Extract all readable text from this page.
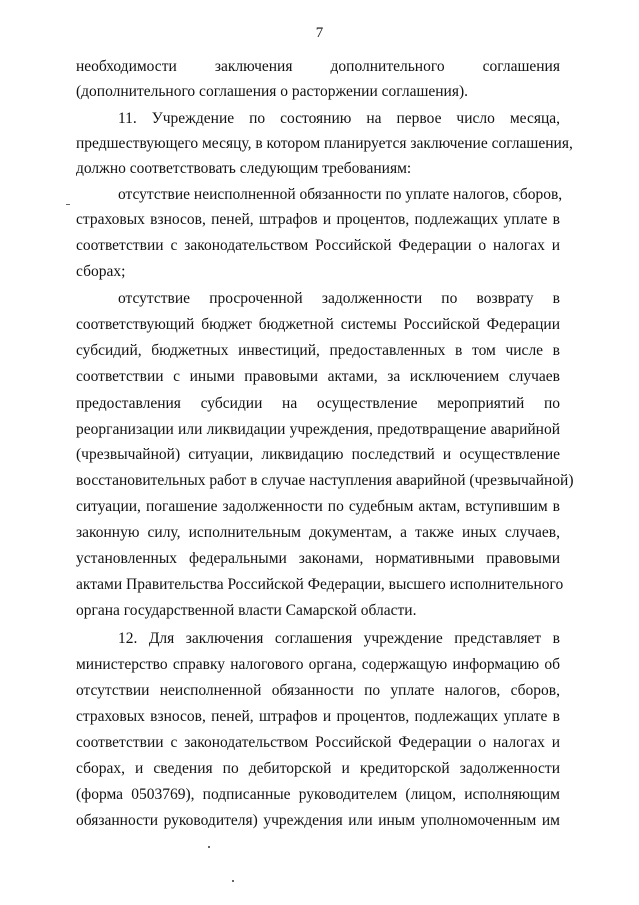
7
необходимости заключения дополнительного соглашения
(дополнительного соглашения о расторжении соглашения).
11. Учреждение по состоянию на первое число месяца,
предшествующего месяцу, в котором планируется заключение соглашения,
должно соответствовать следующим требованиям:
отсутствие неисполненной обязанности по уплате налогов, сборов,
страховых взносов, пеней, штрафов и процентов, подлежащих уплате в
соответствии с законодательством Российской Федерации о налогах и
сборах;
отсутствие просроченной задолженности по возврату в
соответствующий бюджет бюджетной системы Российской Федерации
субсидий, бюджетных инвестиций, предоставленных в том числе в
соответствии с иными правовыми актами, за исключением случаев
предоставления субсидии на осуществление мероприятий по
реорганизации или ликвидации учреждения, предотвращение аварийной
(чрезвычайной) ситуации, ликвидацию последствий и осуществление
восстановительных работ в случае наступления аварийной (чрезвычайной)
ситуации, погашение задолженности по судебным актам, вступившим в
законную силу, исполнительным документам, а также иных случаев,
установленных федеральными законами, нормативными правовыми
актами Правительства Российской Федерации, высшего исполнительного
органа государственной власти Самарской области.
12. Для заключения соглашения учреждение представляет в
министерство справку налогового органа, содержащую информацию об
отсутствии неисполненной обязанности по уплате налогов, сборов,
страховых взносов, пеней, штрафов и процентов, подлежащих уплате в
соответствии с законодательством Российской Федерации о налогах и
сборах, и сведения по дебиторской и кредиторской задолженности
(форма 0503769), подписанные руководителем (лицом, исполняющим
обязанности руководителя) учреждения или иным уполномоченным им
